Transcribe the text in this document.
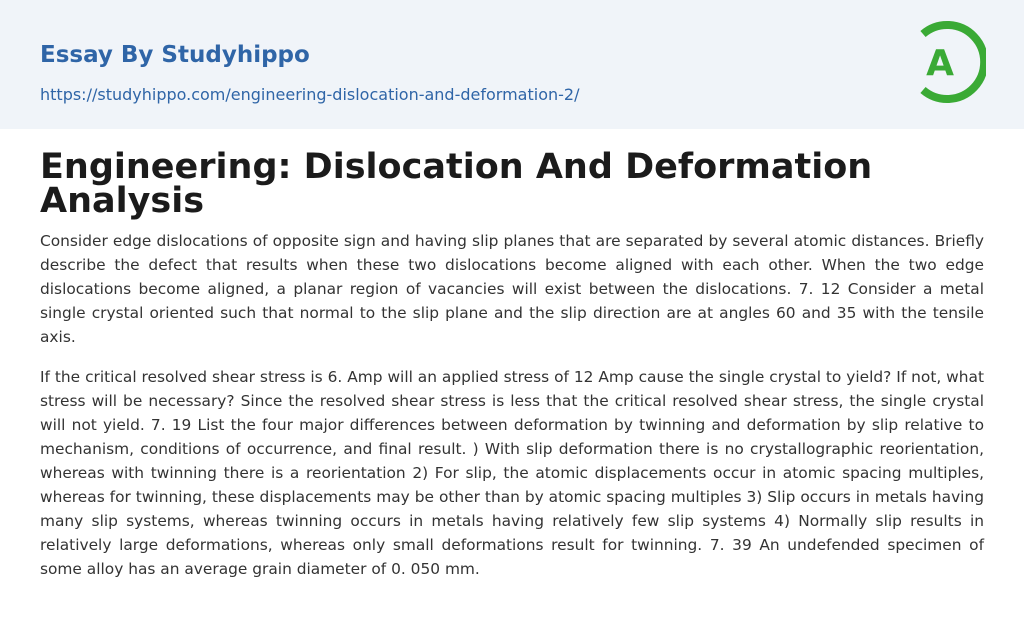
Essay By Studyhippo
https://studyhippo.com/engineering-dislocation-and-deformation-2/
A
Engineering: Dislocation And Deformation Analysis

Consider edge dislocations of opposite sign and having slip planes that are separated by several atomic distances. Briefly describe the defect that results when these two dislocations become aligned with each other. When the two edge dislocations become aligned, a planar region of vacancies will exist between the dislocations. 7. 12 Consider a metal single crystal oriented such that normal to the slip plane and the slip direction are at angles 60 and 35 with the tensile axis.

If the critical resolved shear stress is 6. Amp will an applied stress of 12 Amp cause the single crystal to yield? If not, what stress will be necessary? Since the resolved shear stress is less that the critical resolved shear stress, the single crystal will not yield. 7. 19 List the four major differences between deformation by twinning and deformation by slip relative to mechanism, conditions of occurrence, and final result. ) With slip deformation there is no crystallographic reorientation, whereas with twinning there is a reorientation 2) For slip, the atomic displacements occur in atomic spacing multiples, whereas for twinning, these displacements may be other than by atomic spacing multiples 3) Slip occurs in metals having many slip systems, whereas twinning occurs in metals having relatively few slip systems 4) Normally slip results in relatively large deformations, whereas only small deformations result for twinning. 7. 39 An undefended specimen of some alloy has an average grain diameter of 0. 050 mm.
